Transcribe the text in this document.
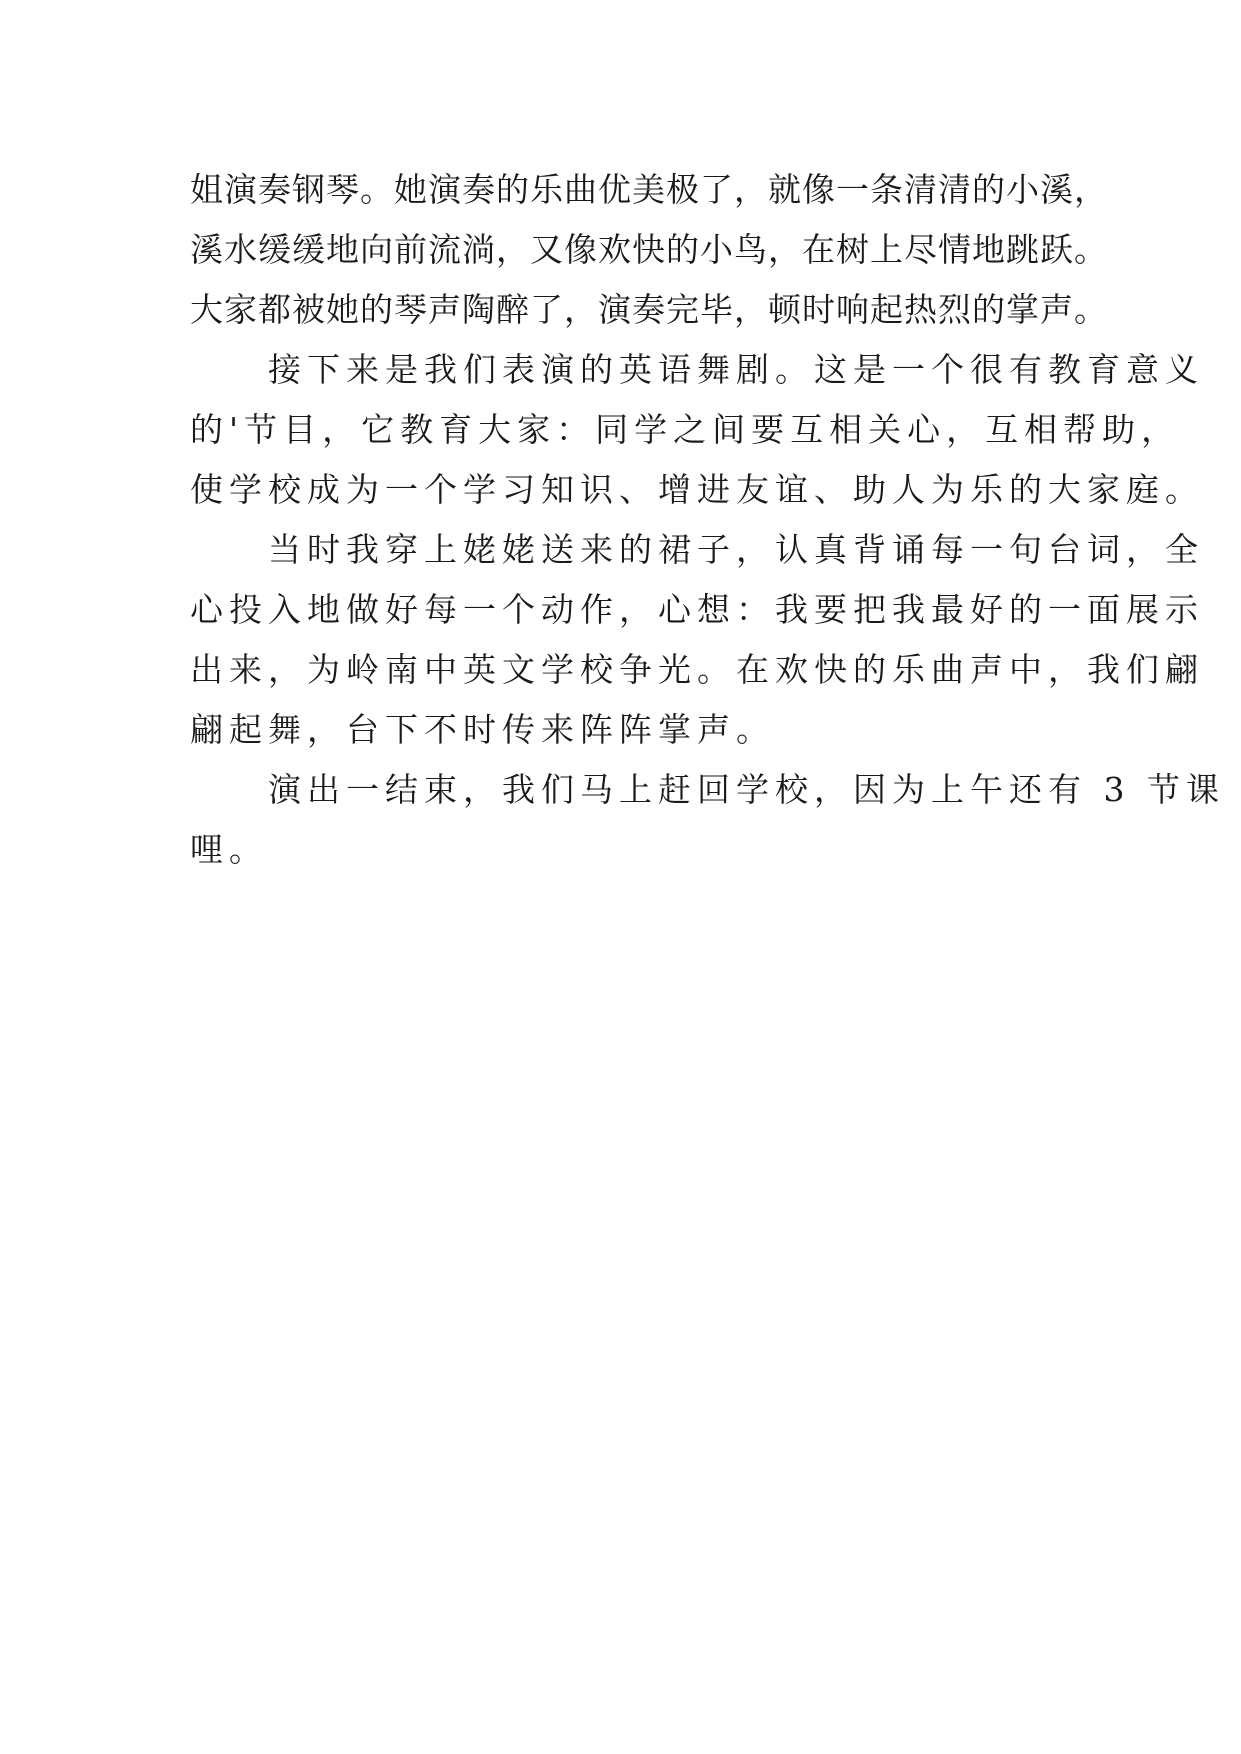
姐演奏钢琴。她演奏的乐曲优美极了，就像一条清清的小溪，
溪水缓缓地向前流淌，又像欢快的小鸟，在树上尽情地跳跃。
大家都被她的琴声陶醉了，演奏完毕，顿时响起热烈的掌声。
　　接下来是我们表演的英语舞剧。这是一个很有教育意义
的'节目，它教育大家：同学之间要互相关心，互相帮助，
使学校成为一个学习知识、增进友谊、助人为乐的大家庭。
　　当时我穿上姥姥送来的裙子，认真背诵每一句台词，全
心投入地做好每一个动作，心想：我要把我最好的一面展示
出来，为岭南中英文学校争光。在欢快的乐曲声中，我们翩
翩起舞，台下不时传来阵阵掌声。
　　演出一结束，我们马上赶回学校，因为上午还有 3 节课
哩。
